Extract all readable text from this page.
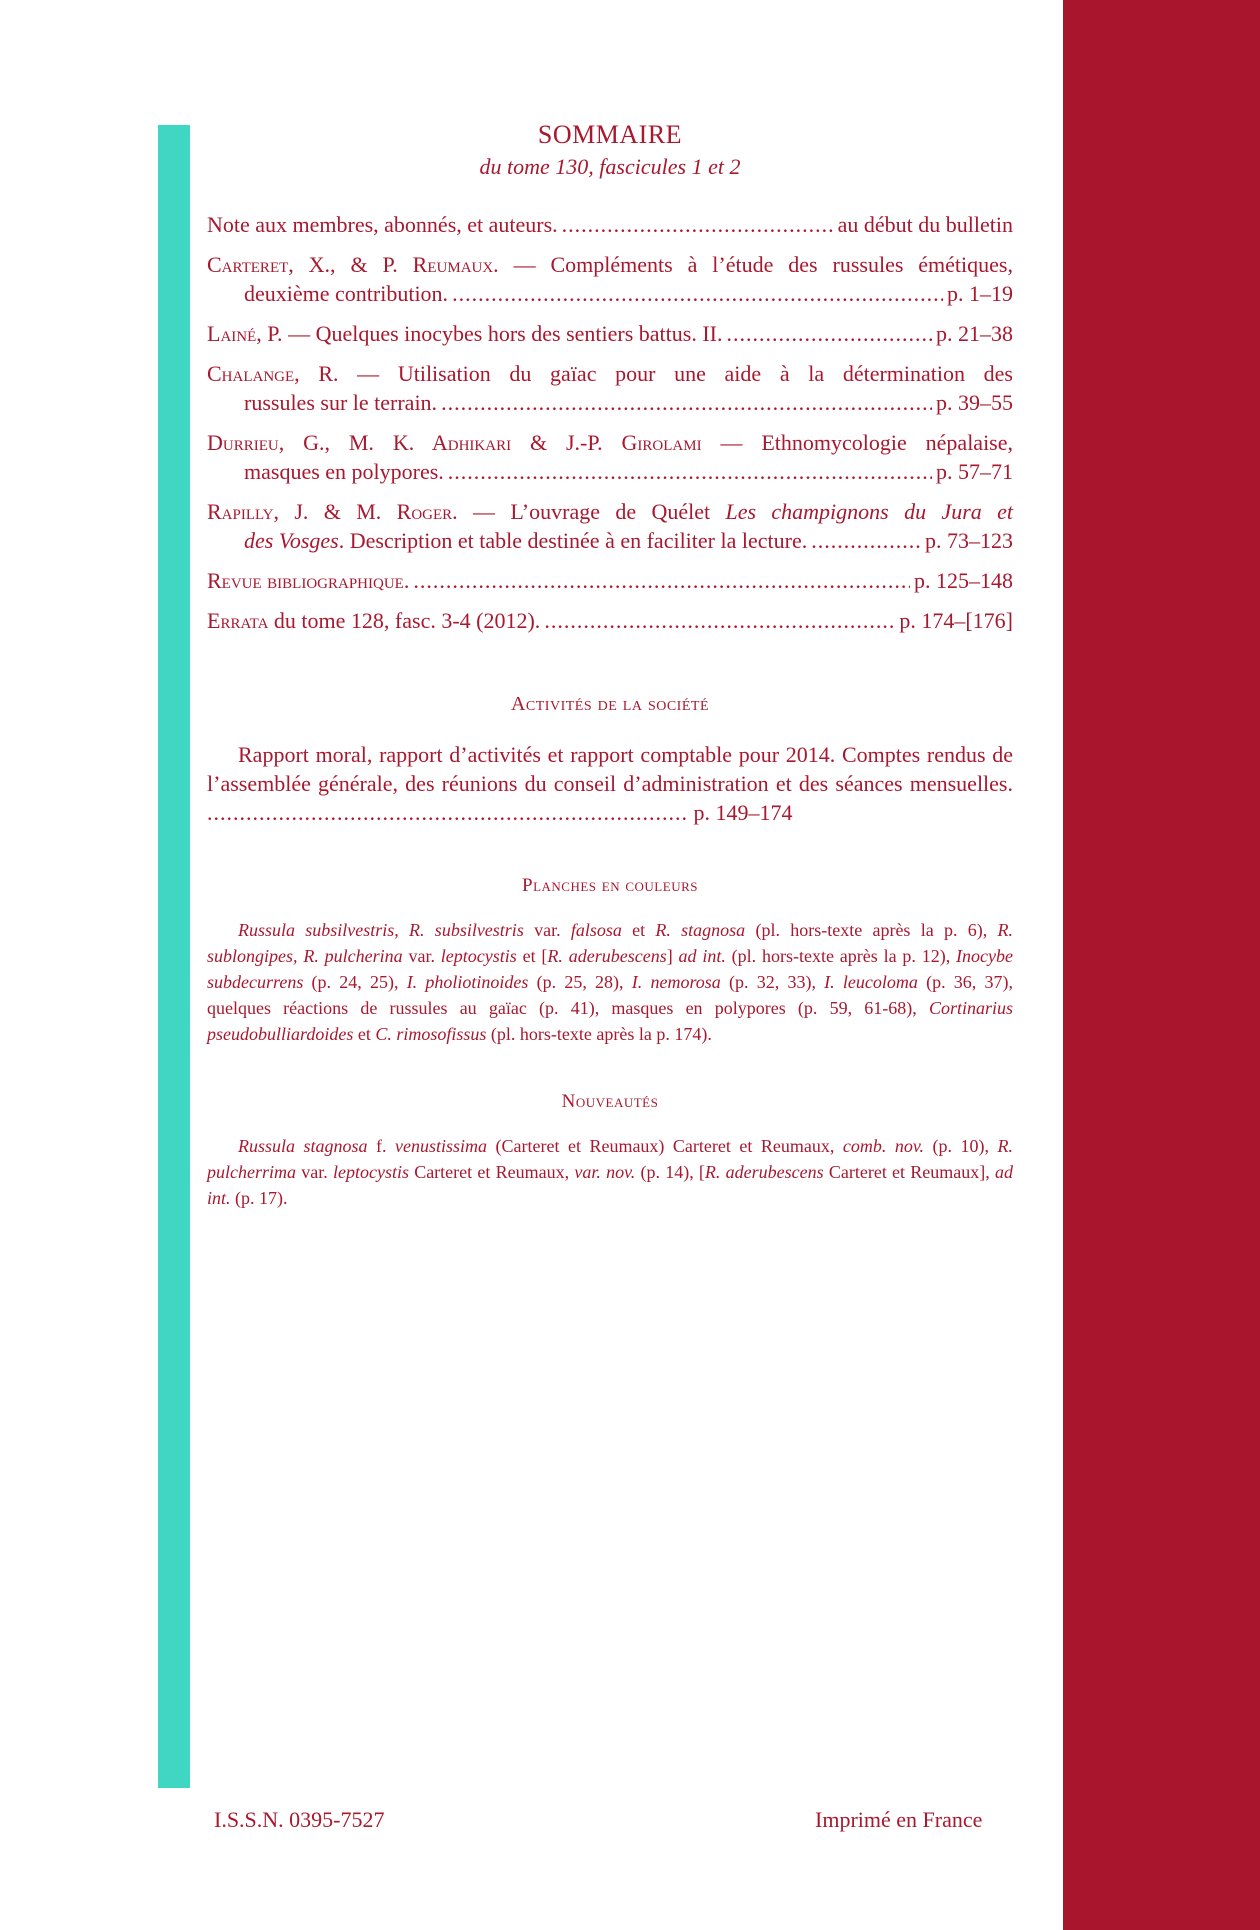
SOMMAIRE
du tome 130, fascicules 1 et 2
Note aux membres, abonnés, et auteurs. .....	au début du bulletin

Carteret, X., & P. Reumaux. — Compléments à l’étude des russules émétiques,

deuxième contribution. .....	p. 1–19
Lainé, P. — Quelques inocybes hors des sentiers battus. II. .....	p. 21–38

Chalange, R. — Utilisation du gaïac pour une aide à la détermination des

russules sur le terrain. .....	p. 39–55

Durrieu, G., M. K. Adhikari & J.-P. Girolami — Ethnomycologie népalaise,

masques en polypores. .....	p. 57–71

Rapilly, J. & M. Roger. — L’ouvrage de Quélet Les champignons du Jura et

des Vosges. Description et table destinée à en faciliter la lecture. .....	p. 73–123
Revue bibliographique. .....	p. 125–148
Errata du tome 128, fasc. 3-4 (2012). .....	p. 174–[176]
Activités de la société

Rapport moral, rapport d’activités et rapport comptable pour 2014. Comptes rendus de l’assemblée générale, des réunions du conseil d’administration et des séances mensuelles. .......................................................................... p. 149–174

Planches en couleurs

Russula subsilvestris, R. subsilvestris var. falsosa et R. stagnosa (pl. hors-texte après la p. 6), R. sublongipes, R. pulcherina var. leptocystis et [R. aderubescens] ad int. (pl. hors-texte après la p. 12), Inocybe subdecurrens (p. 24, 25), I. pholiotinoides (p. 25, 28), I. nemorosa (p. 32, 33), I. leucoloma (p. 36, 37), quelques réactions de russules au gaïac (p. 41), masques en polypores (p. 59, 61-68), Cortinarius pseudobulliardoides et C. rimosofissus (pl. hors-texte après la p. 174).

Nouveautés

Russula stagnosa f. venustissima (Carteret et Reumaux) Carteret et Reumaux, comb. nov. (p. 10), R. pulcherrima var. leptocystis Carteret et Reumaux, var. nov. (p. 14), [R. aderubescens Carteret et Reumaux], ad int. (p. 17).

I.S.S.N. 0395-7527	Imprimé en France
